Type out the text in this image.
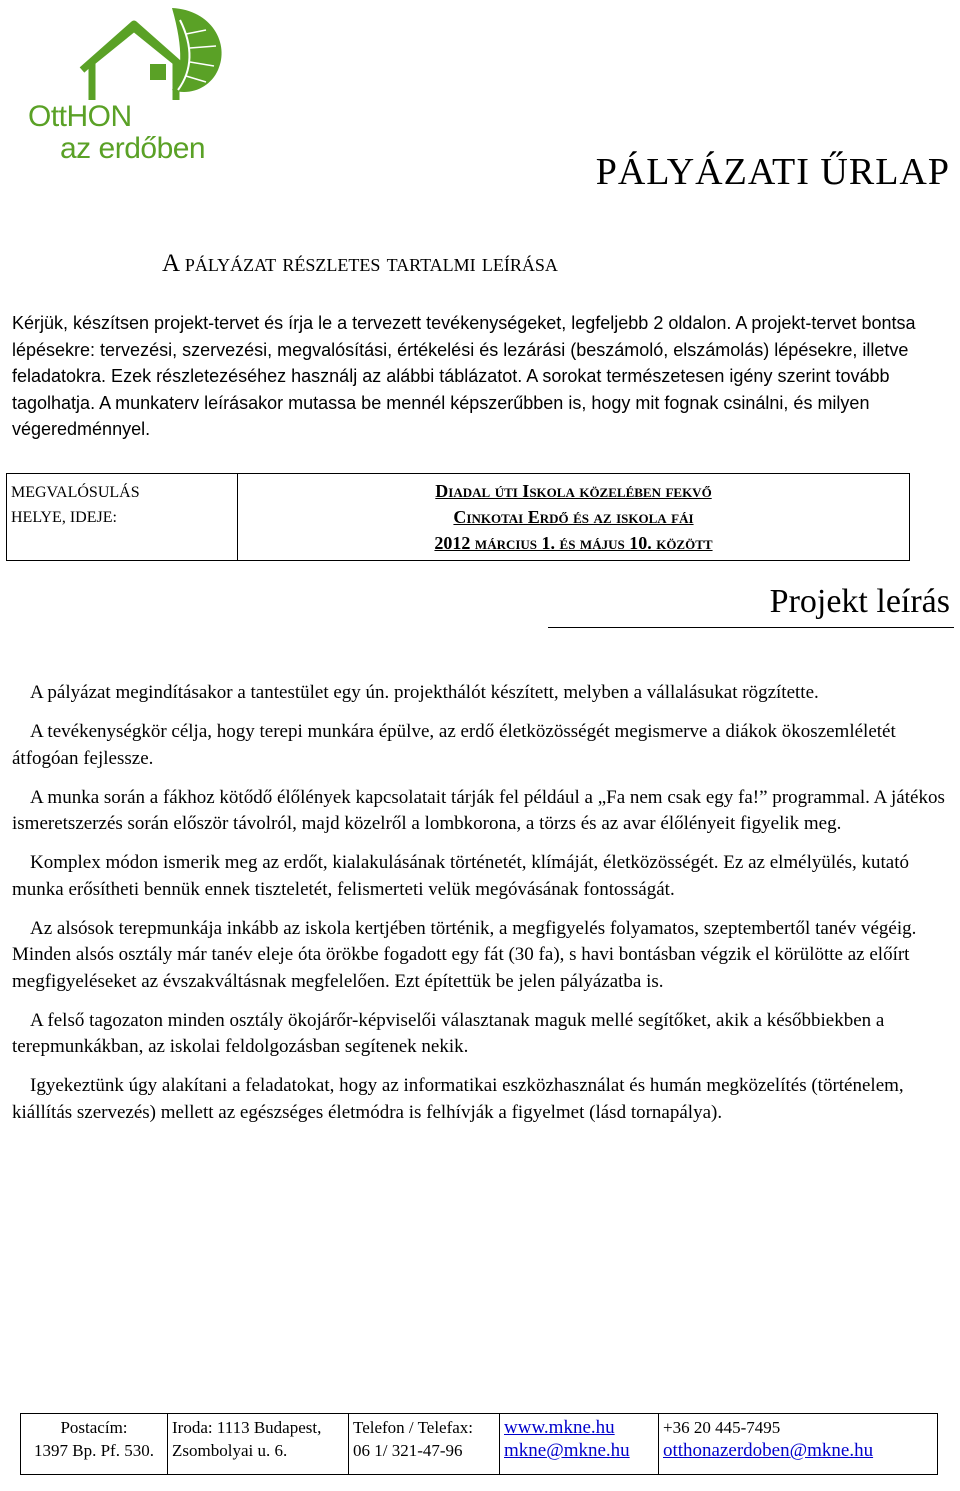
OttHON
az erdőben
PÁLYÁZATI ŰRLAP
A pályázat részletes tartalmi leírása

Kérjük, készítsen projekt-tervet és írja le a tervezett tevékenységeket, legfeljebb 2 oldalon. A projekt-tervet bontsa lépésekre: tervezési, szervezési, megvalósítási, értékelési és lezárási (beszámoló, elszámolás) lépésekre, illetve feladatokra. Ezek részletezéséhez használj az alábbi táblázatot. A sorokat természetesen igény szerint tovább tagolhatja. A munkaterv leírásakor mutassa be mennél képszerűbben is, hogy mit fognak csinálni, és milyen végeredménnyel.

MEGVALÓSULÁS
HELYE, IDEJE:

Diadal úti Iskola közelében fekvő
Cinkotai Erdő és az iskola fái
2012 március 1. és május 10. között
Projekt leírás

A pályázat megindításakor a tantestület egy ún. projekthálót készített, melyben a vállalásukat rögzítette.

A tevékenységkör célja, hogy terepi munkára épülve, az erdő életközösségét megismerve a diákok ökoszemléletét átfogóan fejlessze.

A munka során a fákhoz kötődő élőlények kapcsolatait tárják fel például a „Fa nem csak egy fa!” programmal. A játékos ismeretszerzés során először távolról, majd közelről a lombkorona, a törzs és az avar élőlényeit figyelik meg.

Komplex módon ismerik meg az erdőt, kialakulásának történetét, klímáját, életközösségét. Ez az elmélyülés, kutató munka erősítheti bennük ennek tiszteletét, felismerteti velük megóvásának fontosságát.

Az alsósok terepmunkája inkább az iskola kertjében történik, a megfigyelés folyamatos, szeptembertől tanév végéig. Minden alsós osztály már tanév eleje óta örökbe fogadott egy fát (30 fa), s havi bontásban végzik el körülötte az előírt megfigyeléseket az évszakváltásnak megfelelően. Ezt építettük be jelen pályázatba is.

A felső tagozaton minden osztály ökojárőr-képviselői választanak maguk mellé segítőket, akik a későbbiekben a terepmunkákban, az iskolai feldolgozásban segítenek nekik.

Igyekeztünk úgy alakítani a feladatokat, hogy az informatikai eszközhasználat és humán megközelítés (történelem, kiállítás szervezés) mellett az egészséges életmódra is felhívják a figyelmet (lásd tornapálya).

Postacím:
1397 Bp. Pf. 530.

Iroda: 1113 Budapest,
Zsombolyai u. 6.

Telefon / Telefax:
06 1/ 321-47-96

www.mkne.hu
mkne@mkne.hu

+36 20 445-7495
otthonazerdoben@mkne.hu
